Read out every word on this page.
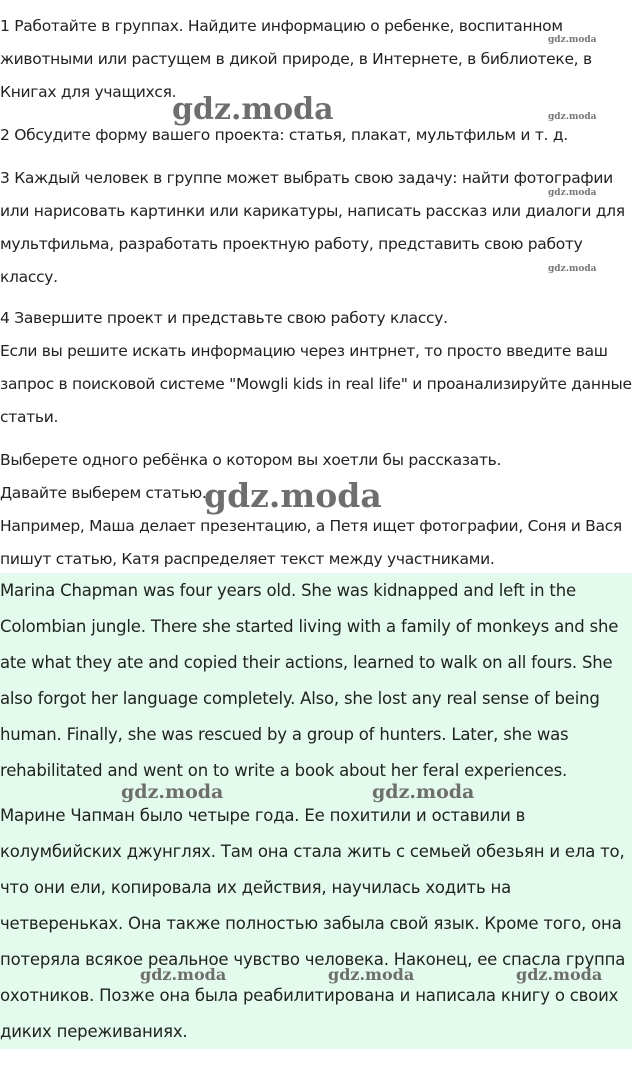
1 Работайте в группах. Найдите информацию о ребенке, воспитанном животными или растущем в дикой природе, в Интернете, в библиотеке, в Книгах для учащихся.

2 Обсудите форму вашего проекта: статья, плакат, мультфильм и т. д.

3 Каждый человек в группе может выбрать свою задачу: найти фотографии или нарисовать картинки или карикатуры, написать рассказ или диалоги для мультфильма, разработать проектную работу, представить свою работу классу.

4 Завершите проект и представьте свою работу классу.

Если вы решите искать информацию через интрнет, то просто введите ваш запрос в поисковой системе "Mowgli kids in real life" и проанализируйте данные статьи.

Выберете одного ребёнка о котором вы хоетли бы рассказать.

Давайте выберем статью.

Например, Маша делает презентацию, а Петя ищет фотографии, Соня и Вася пишут статью, Катя распределяет текст между участниками.

Marina Chapman was four years old. She was kidnapped and left in the Colombian jungle. There she started living with a family of monkeys and she ate what they ate and copied their actions, learned to walk on all fours. She also forgot her language completely. Also, she lost any real sense of being human. Finally, she was rescued by a group of hunters. Later, she was rehabilitated and went on to write a book about her feral experiences.

Марине Чапман было четыре года. Ее похитили и оставили в колумбийских джунглях. Там она стала жить с семьей обезьян и ела то, что они ели, копировала их действия, научилась ходить на четвереньках. Она также полностью забыла свой язык. Кроме того, она потеряла всякое реальное чувство человека. Наконец, ее спасла группа охотников. Позже она была реабилитирована и написала книгу о своих диких переживаниях.

gdz.moda
gdz.moda	gdz.moda
gdz.moda
gdz.moda
gdz.moda
gdz.moda	gdz.moda
gdz.moda	gdz.moda	gdz.moda
